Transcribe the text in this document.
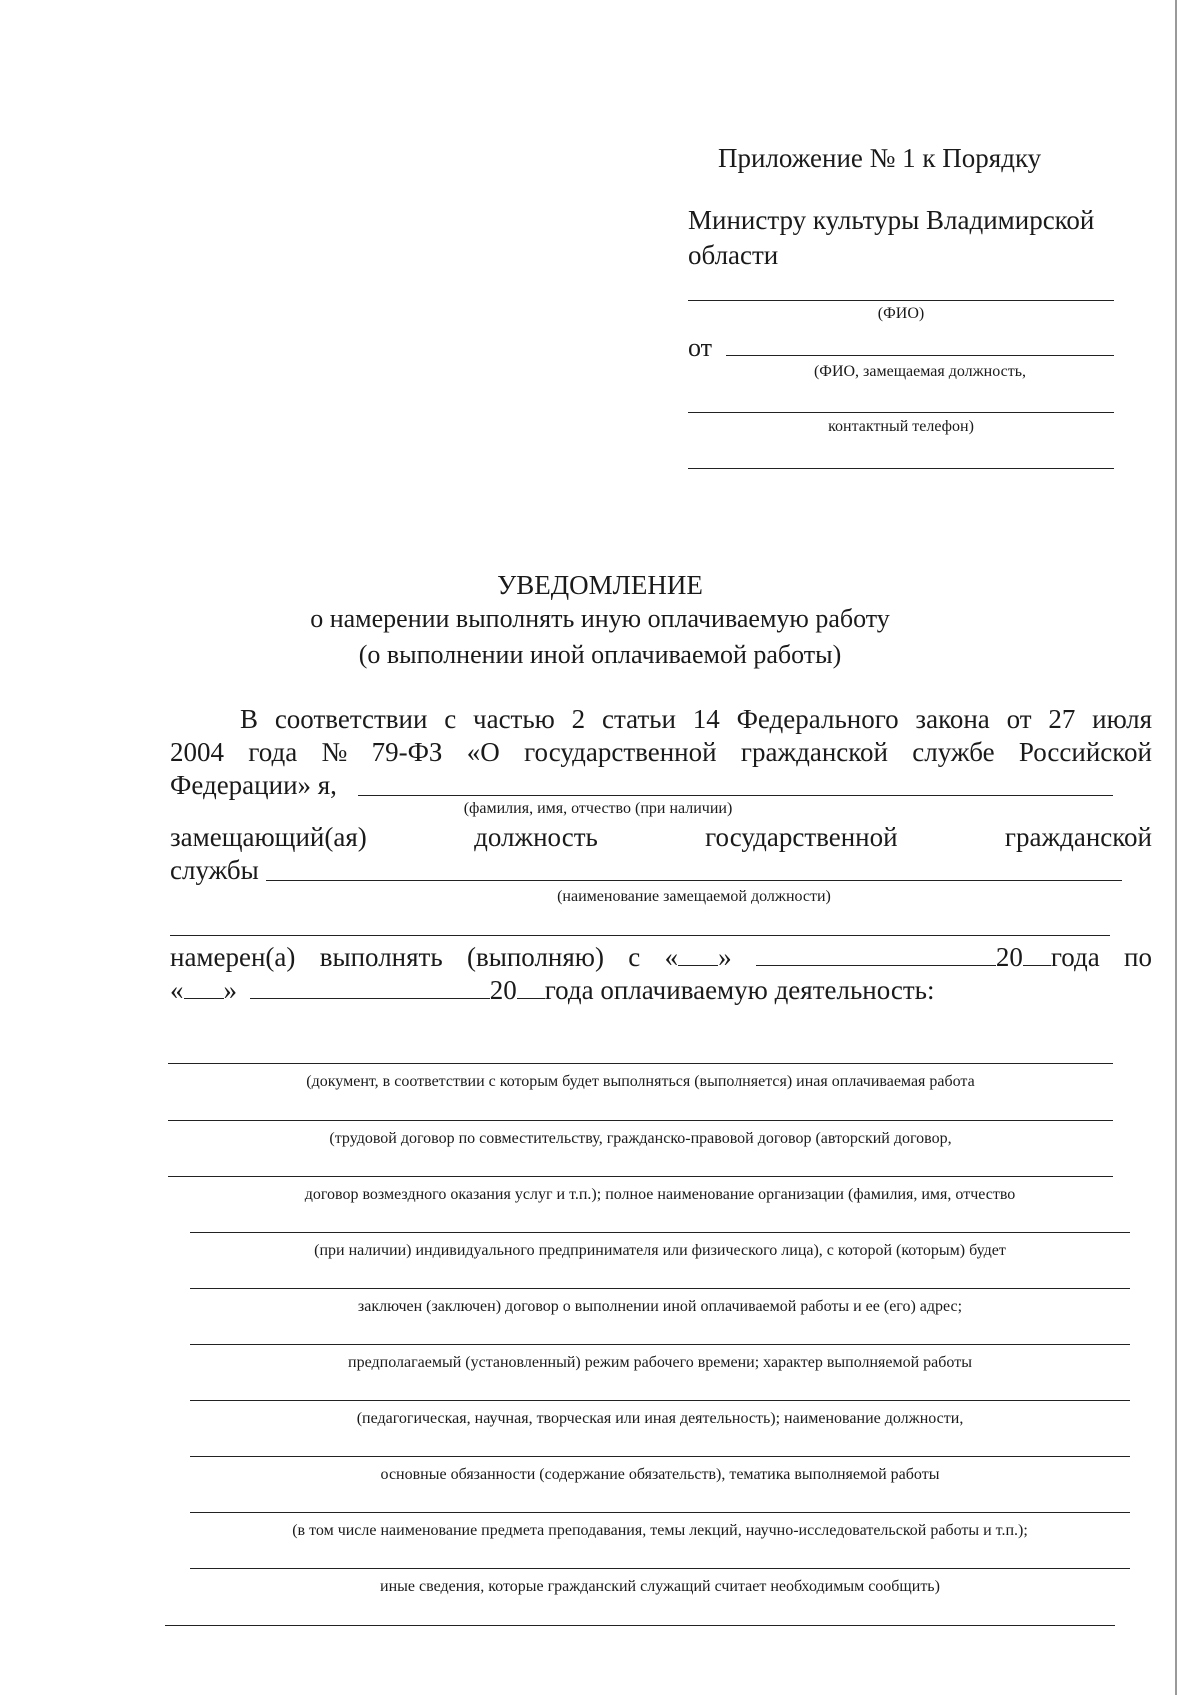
Приложение № 1 к Порядку
Министру культуры Владимирской
области
(ФИО)
от
(ФИО, замещаемая должность,
контактный телефон)
УВЕДОМЛЕНИЕ
о намерении выполнять иную оплачиваемую работу
(о выполнении иной оплачиваемой работы)
В соответствии с частью 2 статьи 14 Федерального закона от 27 июля
2004 года № 79-ФЗ «О государственной гражданской службе Российской
Федерации» я,
(фамилия, имя, отчество (при наличии)
замещающий(ая)	должность	государственной	гражданской
службы
(наименование замещаемой должности)
намерен(а) выполнять (выполняю) с « »	20 года по
« »	20 года оплачиваемую деятельность:
(документ, в соответствии с которым будет выполняться (выполняется) иная оплачиваемая работа
(трудовой договор по совместительству, гражданско-правовой договор (авторский договор,
договор возмездного оказания услуг и т.п.); полное наименование организации (фамилия, имя, отчество
(при наличии) индивидуального предпринимателя или физического лица), с которой (которым) будет
заключен (заключен) договор о выполнении иной оплачиваемой работы и ее (его) адрес;
предполагаемый (установленный) режим рабочего времени; характер выполняемой работы
(педагогическая, научная, творческая или иная деятельность); наименование должности,
основные обязанности (содержание обязательств), тематика выполняемой работы
(в том числе наименование предмета преподавания, темы лекций, научно-исследовательской работы и т.п.);
иные сведения, которые гражданский служащий считает необходимым сообщить)
